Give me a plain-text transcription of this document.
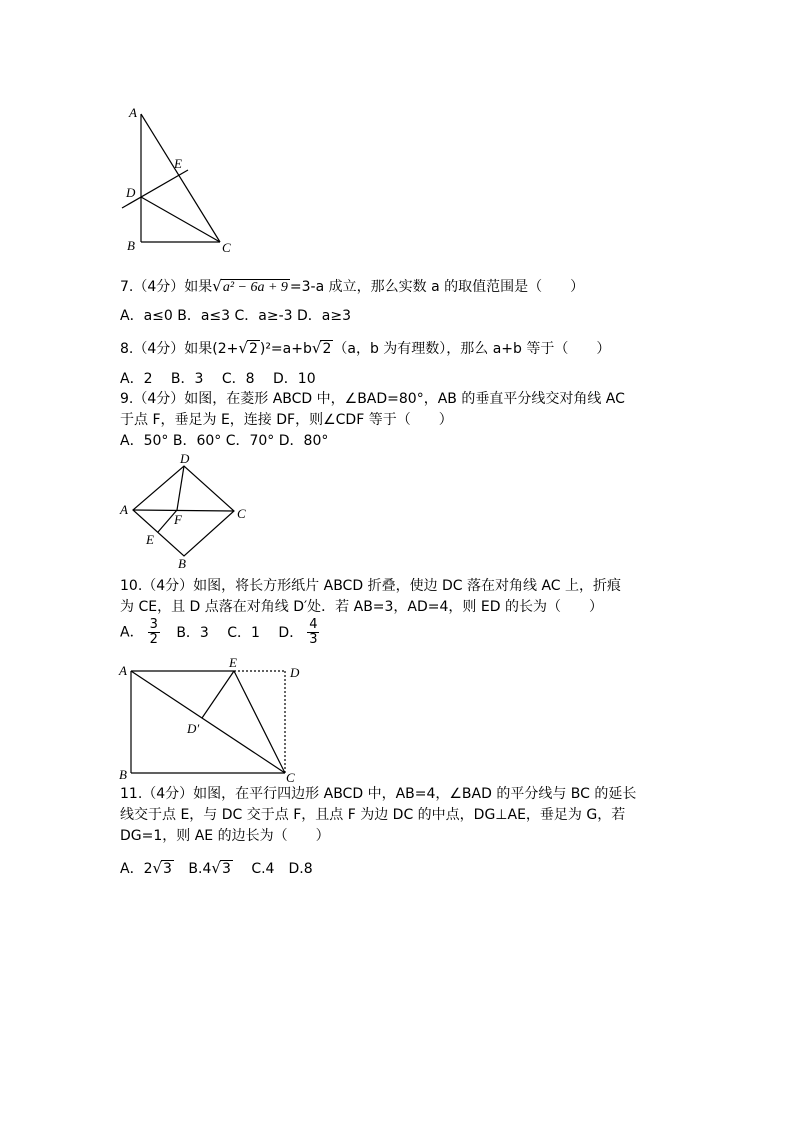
A
E
D
B	C
7.（4分）如果√a² − 6a + 9 =3-a 成立，那么实数 a 的取值范围是（　　）
A．a≤0 B．a≤3 C．a≥-3 D．a≥3
8.（4分）如果(2+√2 )²=a+b√2 （a，b 为有理数），那么 a+b 等于（　　）
A．2　 B．3　 C．8　 D．10
9.（4分）如图，在菱形 ABCD 中，∠BAD=80°，AB 的垂直平分线交对角线 AC
于点 F，垂足为 E，连接 DF，则∠CDF 等于（　　）
A．50° B．60° C．70° D．80°
D
A
F	C
E
B
10.（4分）如图，将长方形纸片 ABCD 折叠，使边 DC 落在对角线 AC 上，折痕
为 CE，且 D 点落在对角线 D′处．若 AB=3，AD=4，则 ED 的长为（　　）
A． $\frac{3}{2}$ B．3 C．1 D． $\frac{4}{3}$
A
E
D
D′
B	C
11.（4分）如图，在平行四边形 ABCD 中，AB=4，∠BAD 的平分线与 BC 的延长
线交于点 E，与 DC 交于点 F，且点 F 为边 DC 的中点，DG⊥AE，垂足为 G，若
DG=1，则 AE 的边长为（　　）
A．2√3 B.4√3 C.4　D.8
